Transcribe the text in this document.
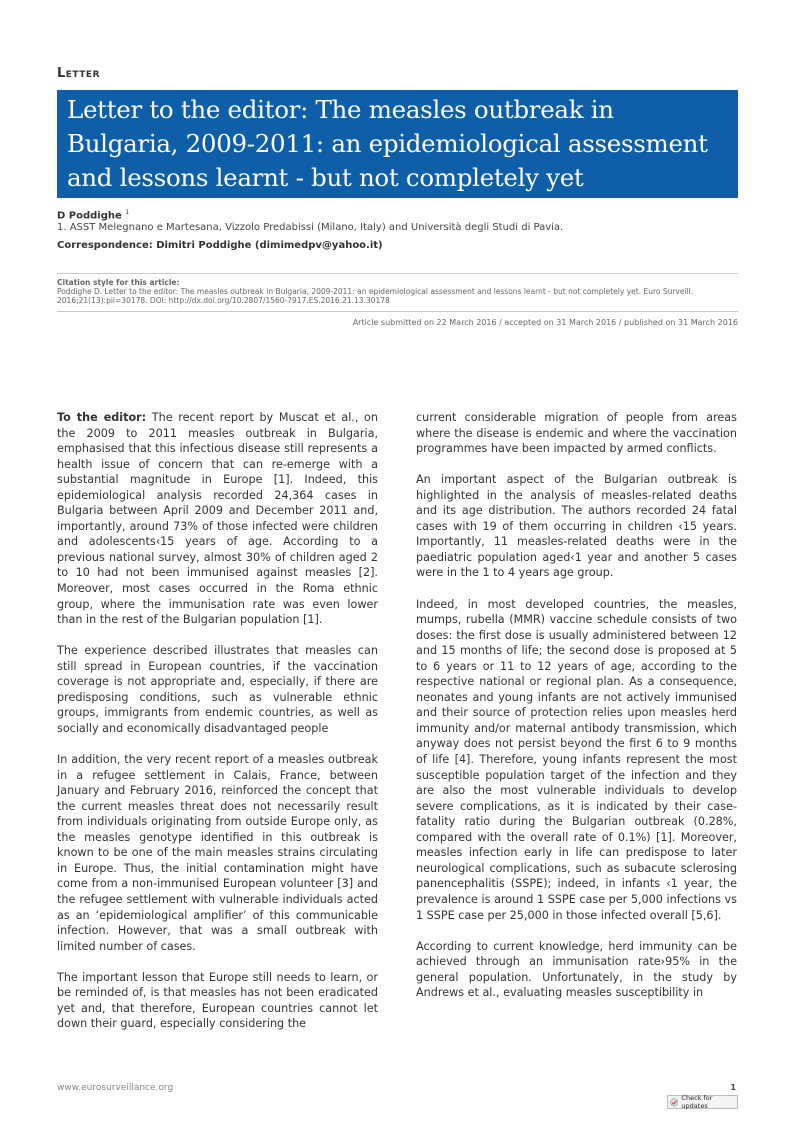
Letter
Letter to the editor: The measles outbreak in Bulgaria, 2009-2011: an epidemiological assessment and lessons learnt - but not completely yet
D Poddighe $^1$
1. ASST Melegnano e Martesana, Vizzolo Predabissi (Milano, Italy) and Università degli Studi di Pavia.
Correspondence: Dimitri Poddighe (dimimedpv@yahoo.it)
Citation style for this article:
Poddighe D. Letter to the editor: The measles outbreak in Bulgaria, 2009-2011: an epidemiological assessment and lessons learnt - but not completely yet. Euro Surveill. 2016;21(13):pii=30178. DOI: http://dx.doi.org/10.2807/1560-7917.ES.2016.21.13.30178
Article submitted on 22 March 2016 / accepted on 31 March 2016 / published on 31 March 2016

To the editor: The recent report by Muscat et al., on the 2009 to 2011 measles outbreak in Bulgaria, emphasised that this infectious disease still represents a health issue of concern that can re-emerge with a substantial magnitude in Europe [1]. Indeed, this epidemiological analysis recorded 24,364 cases in Bulgaria between April 2009 and December 2011 and, importantly, around 73% of those infected were children and adolescents‹15 years of age. According to a previous national survey, almost 30% of children aged 2 to 10 had not been immunised against measles [2]. Moreover, most cases occurred in the Roma ethnic group, where the immunisation rate was even lower than in the rest of the Bulgarian population [1].

The experience described illustrates that measles can still spread in European countries, if the vaccination coverage is not appropriate and, especially, if there are predisposing conditions, such as vulnerable ethnic groups, immigrants from endemic countries, as well as socially and economically disadvantaged people

In addition, the very recent report of a measles outbreak in a refugee settlement in Calais, France, between January and February 2016, reinforced the concept that the current measles threat does not necessarily result from individuals originating from outside Europe only, as the measles genotype identified in this outbreak is known to be one of the main measles strains circulating in Europe. Thus, the initial contamination might have come from a non-immunised European volunteer [3] and the refugee settlement with vulnerable individuals acted as an ‘epidemiological amplifier’ of this communicable infection. However, that was a small outbreak with limited number of cases.

The important lesson that Europe still needs to learn, or be reminded of, is that measles has not been eradicated yet and, that therefore, European countries cannot let down their guard, especially considering the

current considerable migration of people from areas where the disease is endemic and where the vaccination programmes have been impacted by armed conflicts.

An important aspect of the Bulgarian outbreak is highlighted in the analysis of measles-related deaths and its age distribution. The authors recorded 24 fatal cases with 19 of them occurring in children ‹15 years. Importantly, 11 measles-related deaths were in the paediatric population aged‹1 year and another 5 cases were in the 1 to 4 years age group.

Indeed, in most developed countries, the measles, mumps, rubella (MMR) vaccine schedule consists of two doses: the first dose is usually administered between 12 and 15 months of life; the second dose is proposed at 5 to 6 years or 11 to 12 years of age, according to the respective national or regional plan. As a consequence, neonates and young infants are not actively immunised and their source of protection relies upon measles herd immunity and/or maternal antibody transmission, which anyway does not persist beyond the first 6 to 9 months of life [4]. Therefore, young infants represent the most susceptible population target of the infection and they are also the most vulnerable individuals to develop severe complications, as it is indicated by their case-fatality ratio during the Bulgarian outbreak (0.28%, compared with the overall rate of 0.1%) [1]. Moreover, measles infection early in life can predispose to later neurological complications, such as subacute sclerosing panencephalitis (SSPE); indeed, in infants ‹1 year, the prevalence is around 1 SSPE case per 5,000 infections vs 1 SSPE case per 25,000 in those infected overall [5,6].

According to current knowledge, herd immunity can be achieved through an immunisation rate›95% in the general population. Unfortunately, in the study by Andrews et al., evaluating measles susceptibility in

www.eurosurveillance.org	1
Check for updates
